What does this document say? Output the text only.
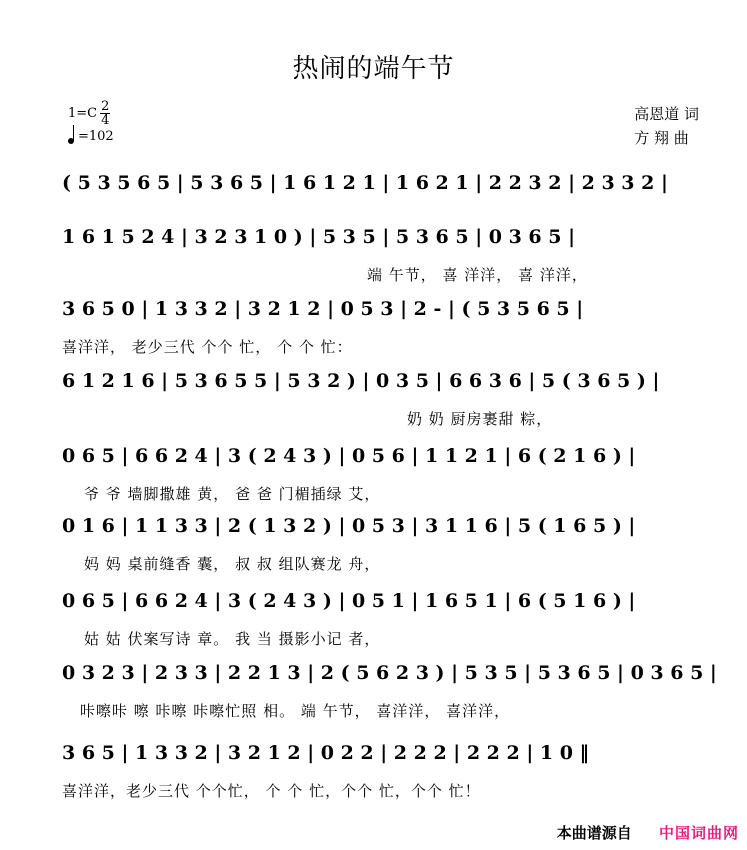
热闹的端午节
$1=C \frac{2}{4}$
=102
高恩道 词
方 翔 曲
( 5 3 5 6 5 | 5 3 6 5 | 1 6 1 2 1 | 1 6 2 1 | 2 2 3 2 | 2 3 3 2 |
1 6 1 5 2 4 | 3 2 3 1 0 ) | 5 3 5 | 5 3 6 5 | 0 3 6 5 |
端 午节， 喜 洋洋， 喜 洋洋，
3 6 5 0 | 1 3 3 2 | 3 2 1 2 | 0 5 3 | 2 - | ( 5 3 5 6 5 |
喜洋洋， 老少三代 个个 忙， 个 个 忙：
6 1 2 1 6 | 5 3 6 5 5 | 5 3 2 ) | 0 3 5 | 6 6 3 6 | 5 ( 3 6 5 ) |
奶 奶 厨房裹甜 粽，
0 6 5 | 6 6 2 4 | 3 ( 2 4 3 ) | 0 5 6 | 1 1 2 1 | 6 ( 2 1 6 ) |
爷 爷 墙脚撒雄 黄， 爸 爸 门楣插绿 艾，
0 1 6 | 1 1 3 3 | 2 ( 1 3 2 ) | 0 5 3 | 3 1 1 6 | 5 ( 1 6 5 ) |
妈 妈 桌前缝香 囊， 叔 叔 组队赛龙 舟，
0 6 5 | 6 6 2 4 | 3 ( 2 4 3 ) | 0 5 1 | 1 6 5 1 | 6 ( 5 1 6 ) |
姑 姑 伏案写诗 章。 我 当 摄影小记 者，
0 3 2 3 | 2 3 3 | 2 2 1 3 | 2 ( 5 6 2 3 ) | 5 3 5 | 5 3 6 5 | 0 3 6 5 |
咔嚓咔 嚓 咔嚓 咔嚓忙照 相。 端 午节， 喜洋洋， 喜洋洋，
3 6 5 | 1 3 3 2 | 3 2 1 2 | 0 2 2 | 2 2 2 | 2 2 2 | 1 0 ‖
喜洋洋，老少三代 个个忙， 个 个 忙，个个 忙，个个 忙！
本曲谱源自 中国词曲网
